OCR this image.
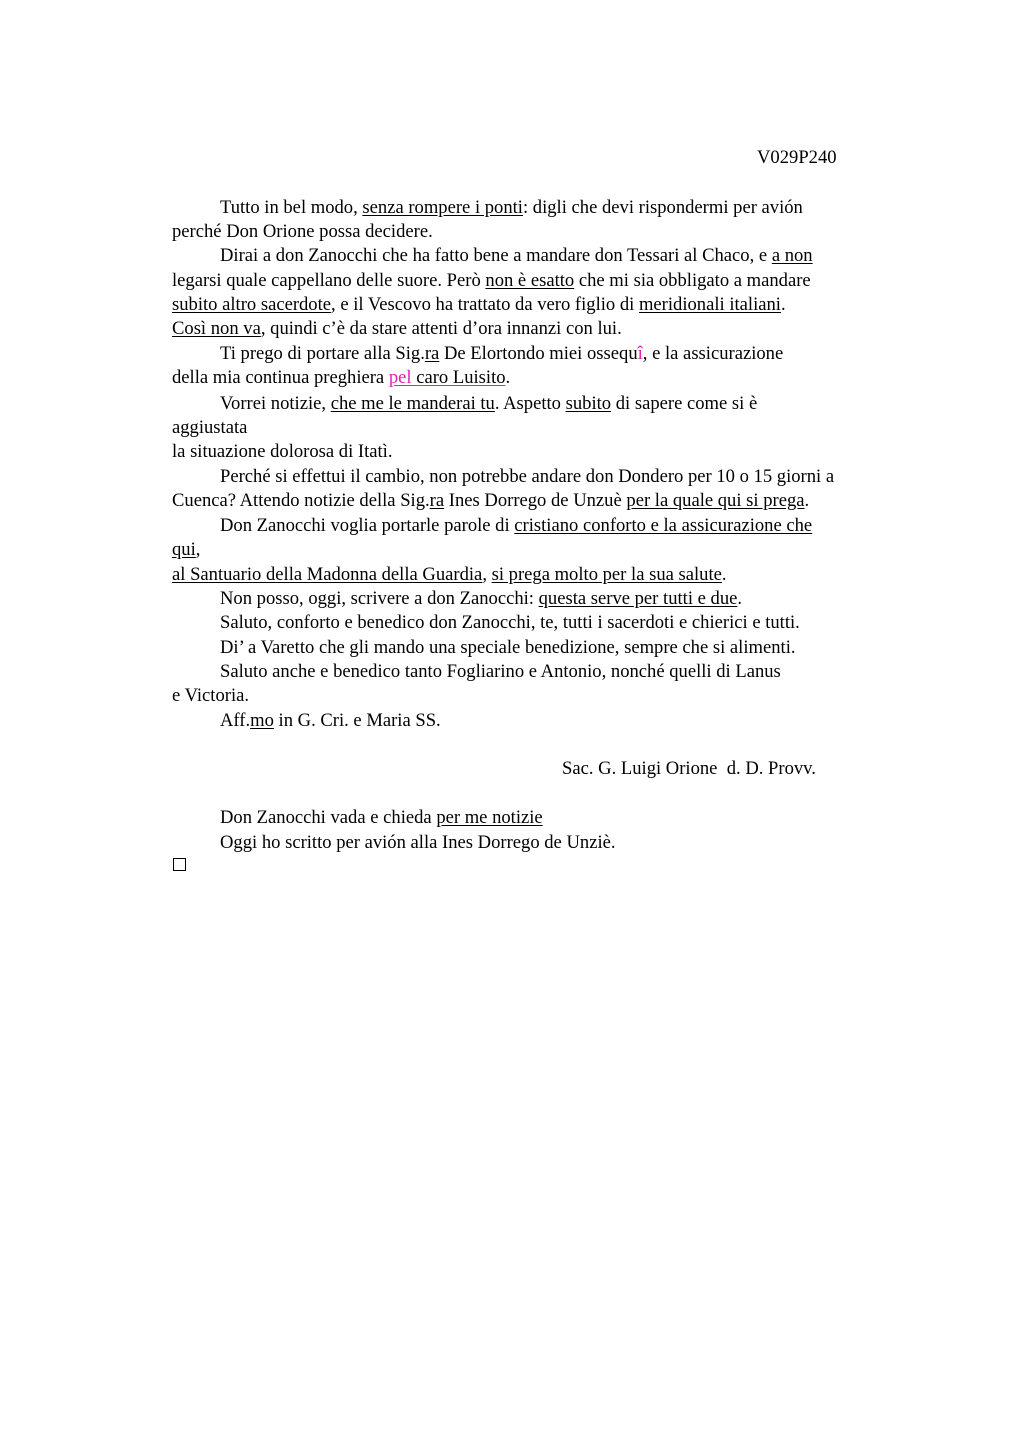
V029P240
Tutto in bel modo, senza rompere i ponti: digli che devi rispondermi per avión
perché Don Orione possa decidere.
Dirai a don Zanocchi che ha fatto bene a mandare don Tessari al Chaco, e a non
legarsi quale cappellano delle suore. Però non è esatto che mi sia obbligato a mandare
subito altro sacerdote, e il Vescovo ha trattato da vero figlio di meridionali italiani.
Così non va, quindi c’è da stare attenti d’ora innanzi con lui.
Ti prego di portare alla Sig.ra De Elortondo miei ossequî, e la assicurazione
della mia continua preghiera pel caro Luisito.
Vorrei notizie, che me le manderai tu. Aspetto subito di sapere come si è
aggiustata
la situazione dolorosa di Itatì.
Perché si effettui il cambio, non potrebbe andare don Dondero per 10 o 15 giorni a
Cuenca? Attendo notizie della Sig.ra Ines Dorrego de Unzuè per la quale qui si prega.
Don Zanocchi voglia portarle parole di cristiano conforto e la assicurazione che
qui,
al Santuario della Madonna della Guardia, si prega molto per la sua salute.
Non posso, oggi, scrivere a don Zanocchi: questa serve per tutti e due.
Saluto, conforto e benedico don Zanocchi, te, tutti i sacerdoti e chierici e tutti.
Di’ a Varetto che gli mando una speciale benedizione, sempre che si alimenti.
Saluto anche e benedico tanto Fogliarino e Antonio, nonché quelli di Lanus
e Victoria.
Aff.mo in G. Cri. e Maria SS.
Sac. G. Luigi Orione  d. D. Provv.
Don Zanocchi vada e chieda per me notizie
Oggi ho scritto per avión alla Ines Dorrego de Unziè.
